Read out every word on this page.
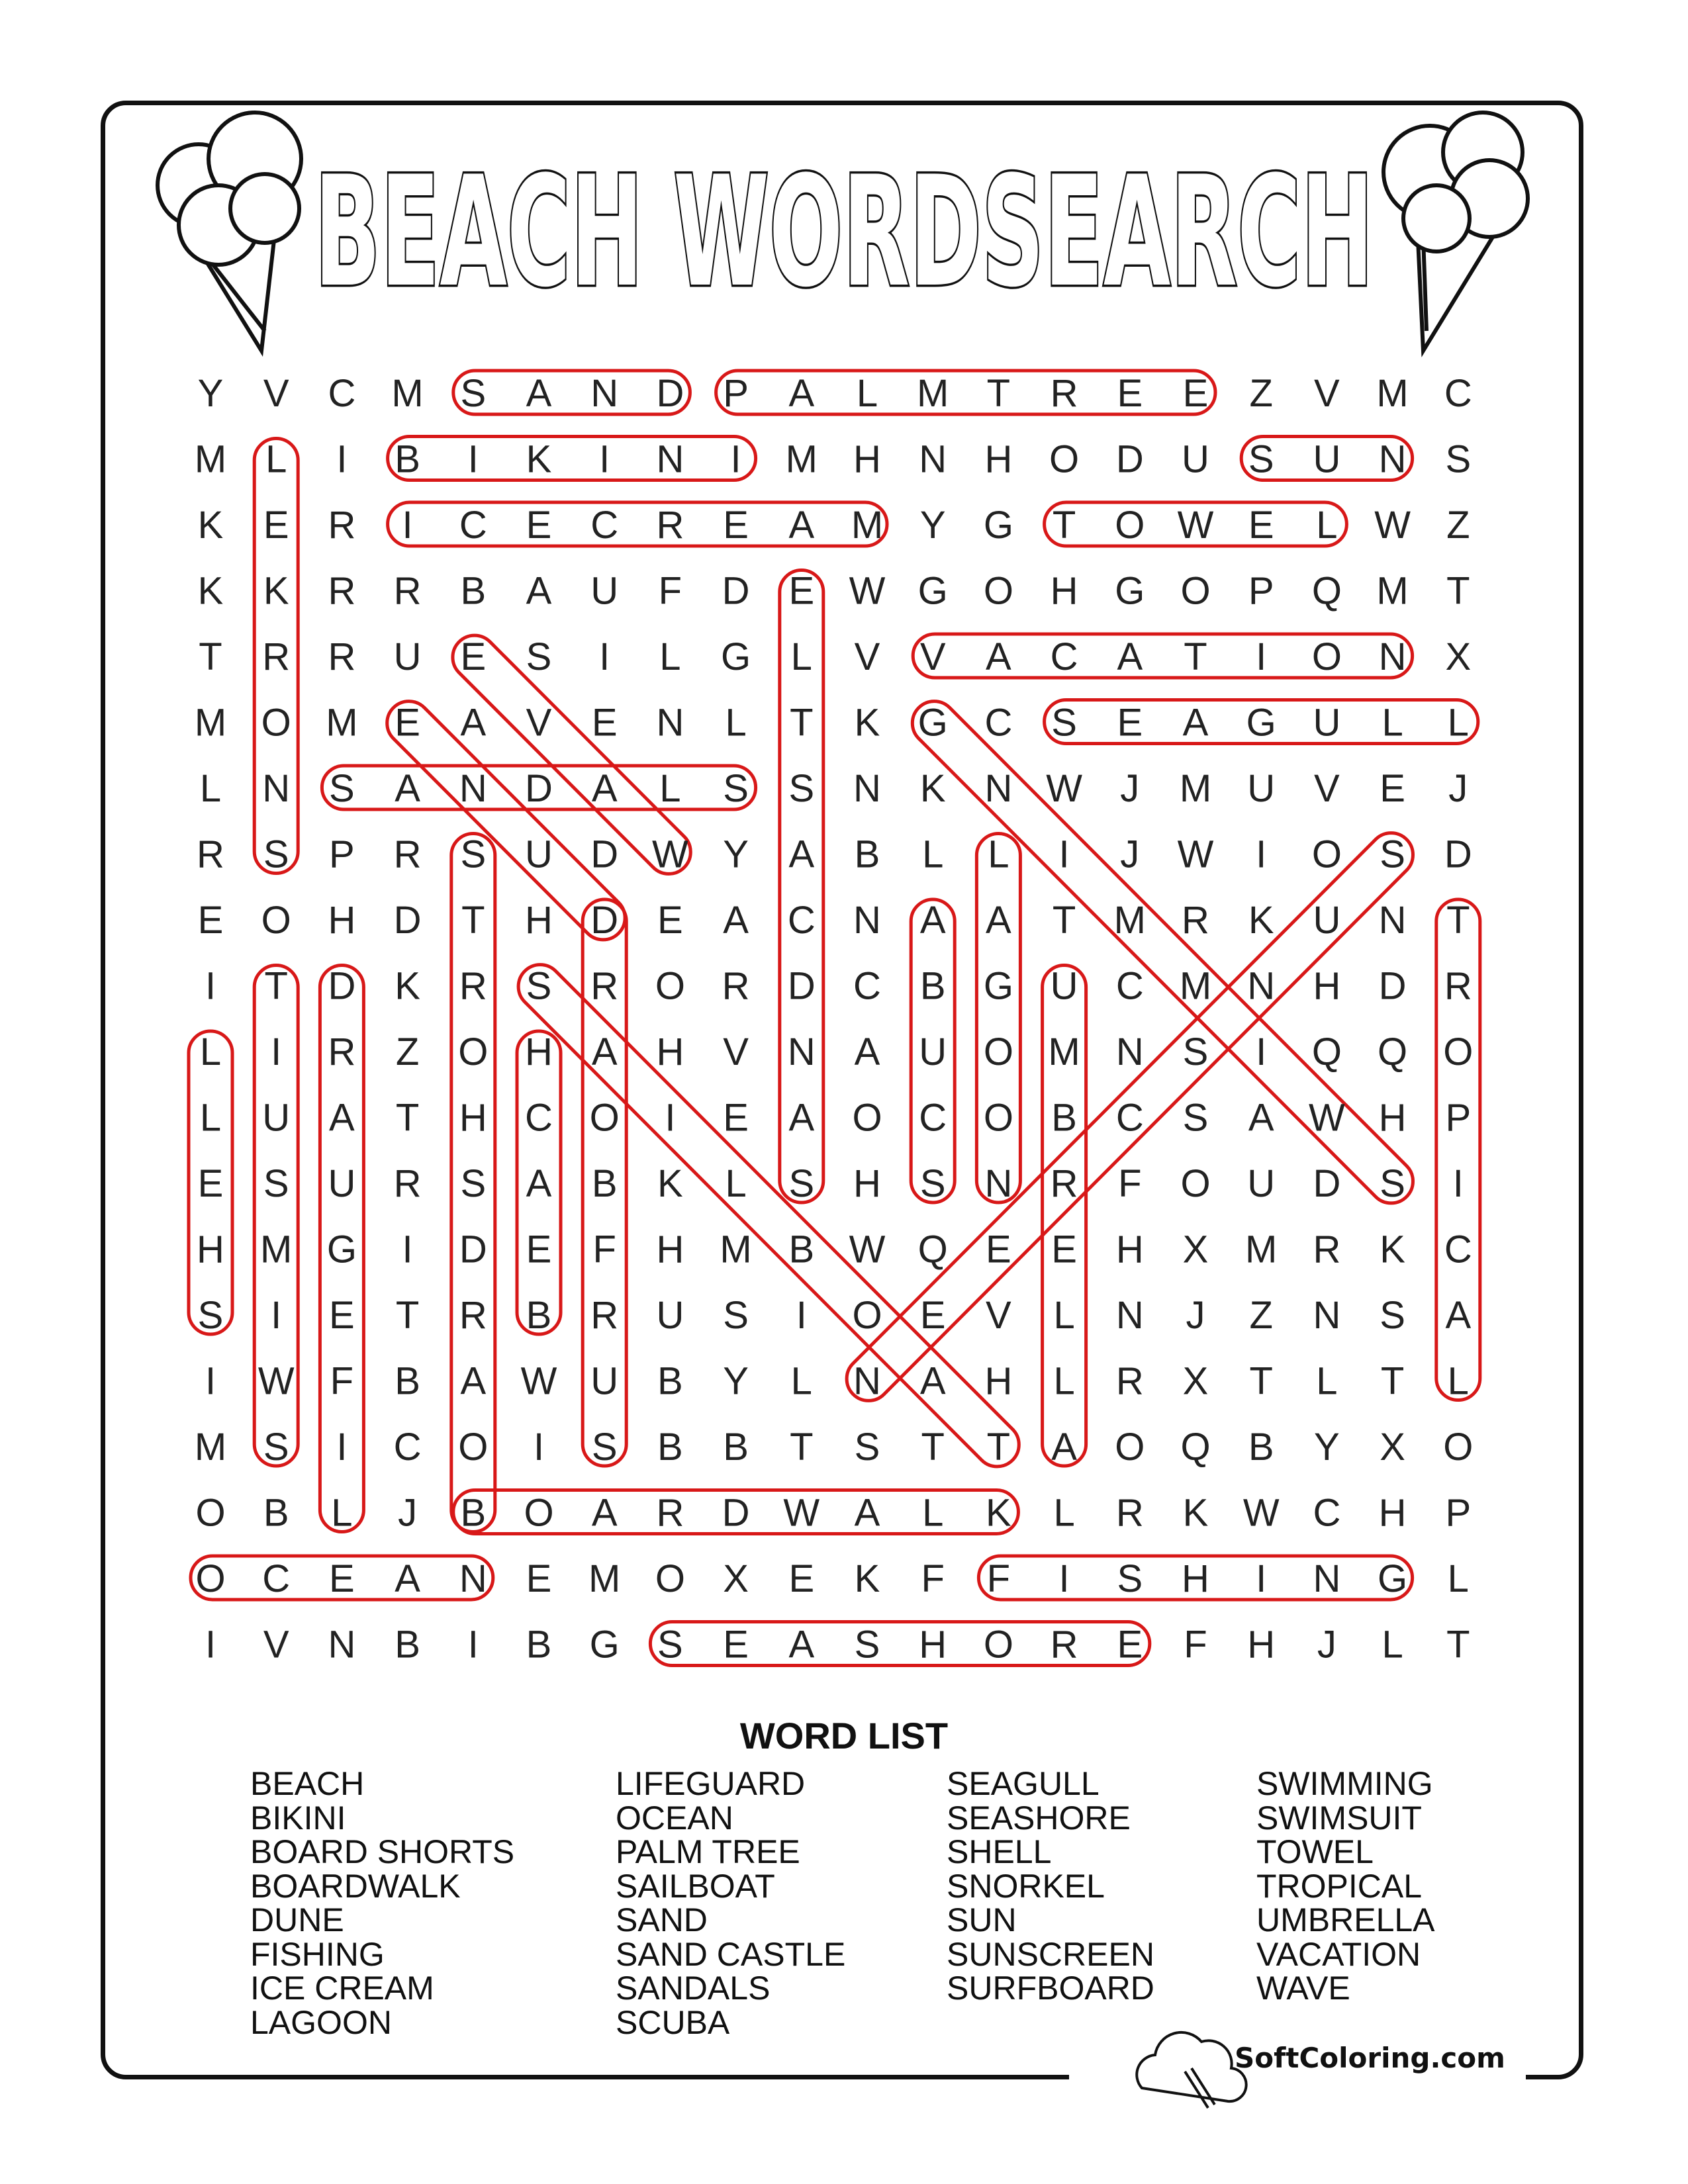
BEACH WORDSEARCH
Y V C M S A N D P A L M T R E E Z V M C
M L I B I K I N I M H N H O D U S U N S
K E R I C E C R E A M Y G T O W E L W Z
K K R R B A U F D E W G O H G O P Q M T
T R R U E S I L G L V V A C A T I O N X
M O M E A V E N L T K G C S E A G U L L
L N S A N D A L S S N K N W J M U V E J
R S P R S U D W Y A B L L I J W I O S D
E O H D T H D E A C N A A T M R K U N T
I T D K R S R O R D C B G U C M N H D R
L I R Z O H A H V N A U O M N S I Q Q O
L U A T H C O I E A O C O B C S A W H P
E S U R S A B K L S H S N R F O U D S I
H M G I D E F H M B W Q E E H X M R K C
S I E T R B R U S I O E V L N J Z N S A
I W F B A W U B Y L N A H L R X T L T L
M S I C O I S B B T S T T A O Q B Y X O
O B L J B O A R D W A L K L R K W C H P
O C E A N E M O X E K F F I S H I N G L
I V N B I B G S E A S H O R E F H J L T
WORD LIST
BEACH
BIKINI
BOARD SHORTS
BOARDWALK
DUNE
FISHING
ICE CREAM
LAGOON
LIFEGUARD
OCEAN
PALM TREE
SAILBOAT
SAND
SAND CASTLE
SANDALS
SCUBA
SEAGULL
SEASHORE
SHELL
SNORKEL
SUN
SUNSCREEN
SURFBOARD
SWIMMING
SWIMSUIT
TOWEL
TROPICAL
UMBRELLA
VACATION
WAVE
SoftColoring.com
